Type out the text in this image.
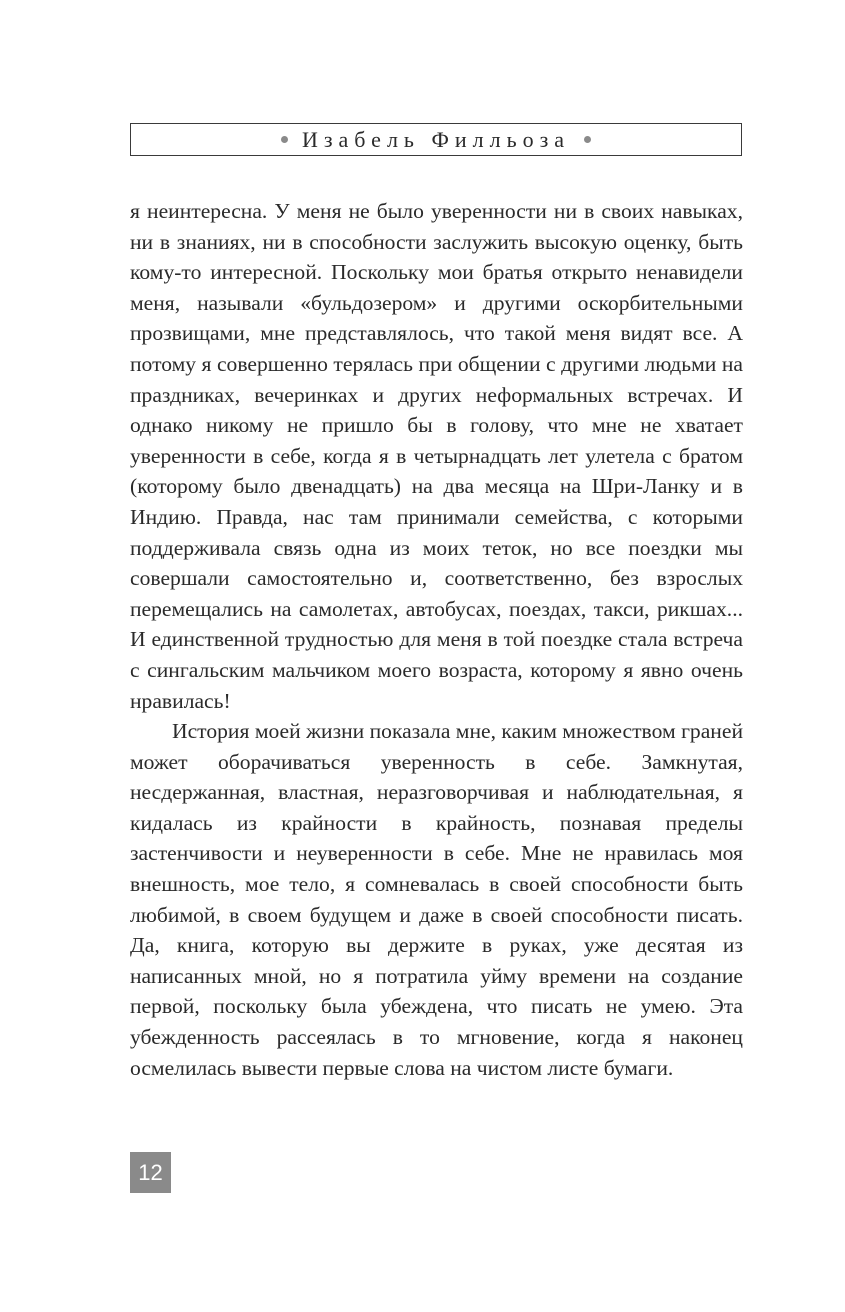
Изабель Филльоза

я неинтересна. У меня не было уверенности ни в своих навыках, ни в знаниях, ни в способности заслужить высокую оценку, быть кому-то интересной. Поскольку мои братья открыто ненавидели меня, называли «бульдозером» и другими оскорбительными прозвищами, мне представлялось, что такой меня видят все. А потому я совершенно терялась при общении с другими людьми на праздниках, вечеринках и других неформальных встречах. И однако никому не пришло бы в голову, что мне не хватает уверенности в себе, когда я в четырнадцать лет улетела с братом (которому было двенадцать) на два месяца на Шри-Ланку и в Индию. Правда, нас там принимали семейства, с которыми поддерживала связь одна из моих теток, но все поездки мы совершали самостоятельно и, соответственно, без взрослых перемещались на самолетах, автобусах, поездах, такси, рикшах... И единственной трудностью для меня в той поездке стала встреча с сингальским мальчиком моего возраста, которому я явно очень нравилась!

История моей жизни показала мне, каким множеством граней может оборачиваться уверенность в себе. Замкнутая, несдержанная, властная, неразговорчивая и наблюдательная, я кидалась из крайности в крайность, познавая пределы застенчивости и неуверенности в себе. Мне не нравилась моя внешность, мое тело, я сомневалась в своей способности быть любимой, в своем будущем и даже в своей способности писать. Да, книга, которую вы держите в руках, уже десятая из написанных мной, но я потратила уйму времени на создание первой, поскольку была убеждена, что писать не умею. Эта убежденность рассеялась в то мгновение, когда я наконец осмелилась вывести первые слова на чистом листе бумаги.

12
